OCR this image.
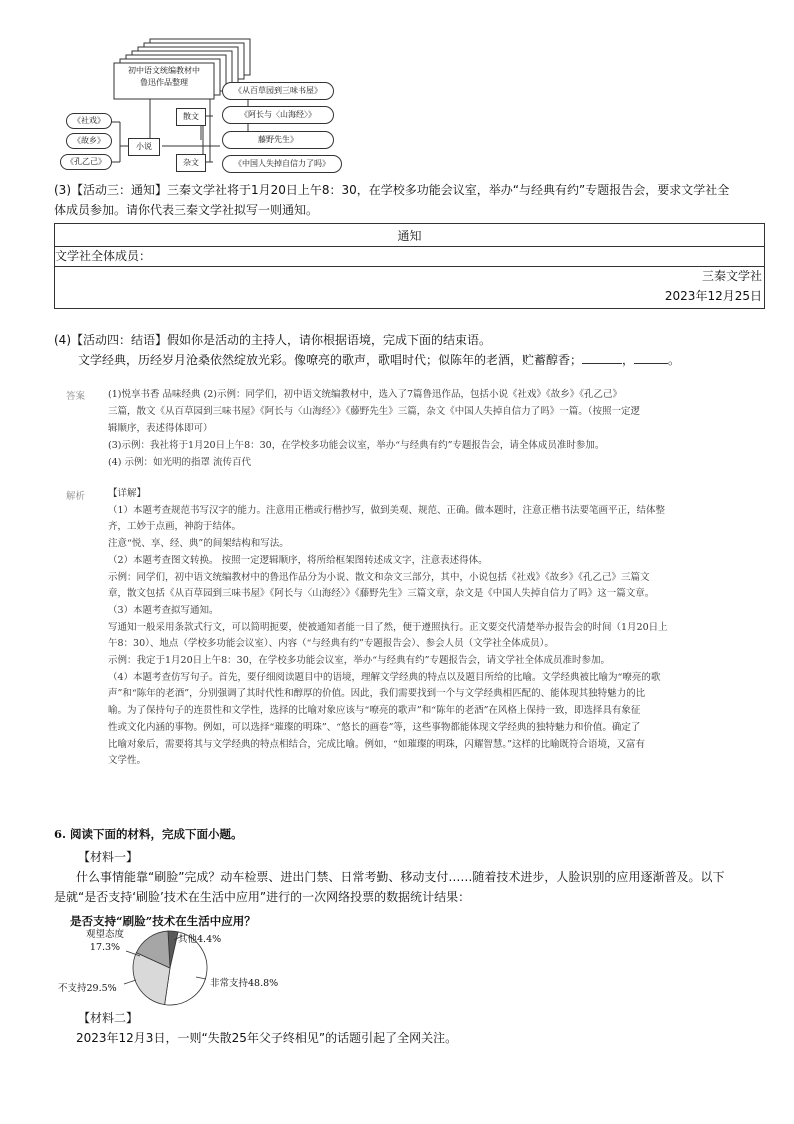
初中语文统编教材中
鲁迅作品整理
《社戏》
《故乡》
《孔乙己》
小说
散文
杂文
《从百草园到三味书屋》
《阿长与〈山海经〉》
藤野先生》
《中国人失掉自信力了吗》
(3)【活动三：通知】三秦文学社将于1月20日上午8：30，在学校多功能会议室，举办“与经典有约”专题报告会，要求文学社全
体成员参加。请你代表三秦文学社拟写一则通知。
通知
文学社全体成员：
三秦文学社
2023年12月25日
(4)【活动四：结语】假如你是活动的主持人，请你根据语境，完成下面的结束语。
文学经典，历经岁月沧桑依然绽放光彩。像嘹亮的歌声，歌唱时代；似陈年的老酒，贮蓄醇香；	，	。
答案 (1)悦享书香 品味经典 (2)示例：同学们，初中语文统编教材中，选入了7篇鲁迅作品，包括小说《社戏》《故乡》《孔乙己》
三篇，散文《从百草园到三味书屋》《阿长与〈山海经〉》《藤野先生》三篇，杂文《中国人失掉自信力了吗》一篇。（按照一定逻
辑顺序，表述得体即可）
(3)示例：我社将于1月20日上午8：30，在学校多功能会议室，举办“与经典有约”专题报告会，请全体成员准时参加。
(4) 示例：如光明的指罩 流传百代
解析 【详解】
（1）本题考查规范书写汉字的能力。注意用正楷或行楷抄写，做到美观、规范、正确。做本题时，注意正楷书法要笔画平正，结体整
齐，工妙于点画，神韵于结体。
注意“悦、享、经、典”的间架结构和写法。
（2）本题考查图文转换。 按照一定逻辑顺序，将所给框架图转述成文字，注意表述得体。
示例：同学们，初中语文统编教材中的鲁迅作品分为小说、散文和杂文三部分，其中，小说包括《社戏》《故乡》《孔乙己》三篇文
章，散文包括《从百草园到三味书屋》《阿长与〈山海经〉》《藤野先生》三篇文章，杂文是《中国人失掉自信力了吗》这一篇文章。
（3）本题考查拟写通知。
写通知一般采用条款式行文，可以简明扼要，使被通知者能一目了然，便于遵照执行。正文要交代清楚举办报告会的时间（1月20日上
午8：30）、地点（学校多功能会议室）、内容（“与经典有约”专题报告会）、参会人员（文学社全体成员）。
示例：我定于1月20日上午8：30，在学校多功能会议室，举办“与经典有约”专题报告会，请文学社全体成员准时参加。
（4）本题考查仿写句子。首先，要仔细阅读题目中的语境，理解文学经典的特点以及题目所给的比喻。文学经典被比喻为“嘹亮的歌
声”和“陈年的老酒”，分别强调了其时代性和醇厚的价值。因此，我们需要找到一个与文学经典相匹配的、能体现其独特魅力的比
喻。为了保持句子的连贯性和文学性，选择的比喻对象应该与“嘹亮的歌声”和“陈年的老酒”在风格上保持一致，即选择具有象征
性或文化内涵的事物。例如，可以选择“璀璨的明珠”、“悠长的画卷”等，这些事物都能体现文学经典的独特魅力和价值。确定了
比喻对象后，需要将其与文学经典的特点相结合，完成比喻。例如，“如璀璨的明珠，闪耀智慧。”这样的比喻既符合语境，又富有
文学性。
6. 阅读下面的材料，完成下面小题。
【材料一】
什么事情能靠“刷脸”完成？动车检票、进出门禁、日常考勤、移动支付……随着技术进步，人脸识别的应用逐渐普及。以下
是就“是否支持‘刷脸’技术在生活中应用”进行的一次网络投票的数据统计结果：
是否支持“刷脸”技术在生活中应用？
观望态度
17.3%
其他4.4%
不支持29.5%	非常支持48.8%
【材料二】
2023年12月3日，一则“失散25年父子终相见”的话题引起了全网关注。
